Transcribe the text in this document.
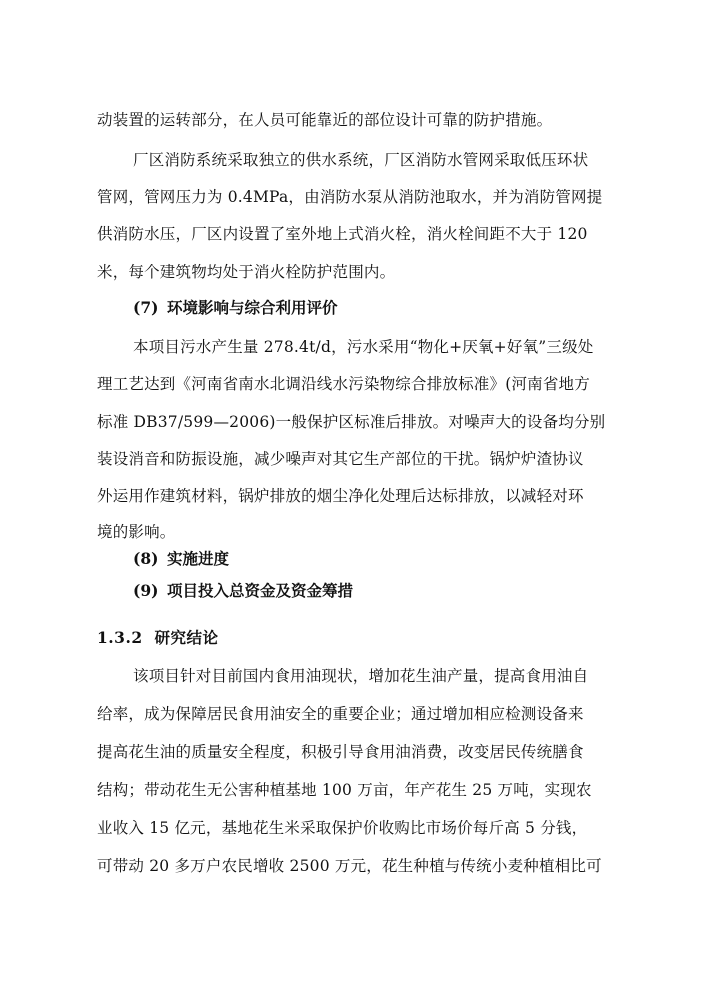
动装置的运转部分，在人员可能靠近的部位设计可靠的防护措施。
厂区消防系统采取独立的供水系统，厂区消防水管网采取低压环状
管网，管网压力为 0.4MPa，由消防水泵从消防池取水，并为消防管网提
供消防水压，厂区内设置了室外地上式消火栓，消火栓间距不大于 120
米，每个建筑物均处于消火栓防护范围内。
(7) 环境影响与综合利用评价
本项目污水产生量 278.4t/d，污水采用“物化+厌氧+好氧”三级处
理工艺达到《河南省南水北调沿线水污染物综合排放标准》(河南省地方
标准 DB37/599—2006)一般保护区标准后排放。对噪声大的设备均分别
装设消音和防振设施，减少噪声对其它生产部位的干扰。锅炉炉渣协议
外运用作建筑材料，锅炉排放的烟尘净化处理后达标排放，以减轻对环
境的影响。
(8) 实施进度
(9) 项目投入总资金及资金筹措
1.3.2 研究结论
该项目针对目前国内食用油现状，增加花生油产量，提高食用油自
给率，成为保障居民食用油安全的重要企业；通过增加相应检测设备来
提高花生油的质量安全程度，积极引导食用油消费，改变居民传统膳食
结构；带动花生无公害种植基地 100 万亩，年产花生 25 万吨，实现农
业收入 15 亿元，基地花生米采取保护价收购比市场价每斤高 5 分钱，
可带动 20 多万户农民增收 2500 万元，花生种植与传统小麦种植相比可
